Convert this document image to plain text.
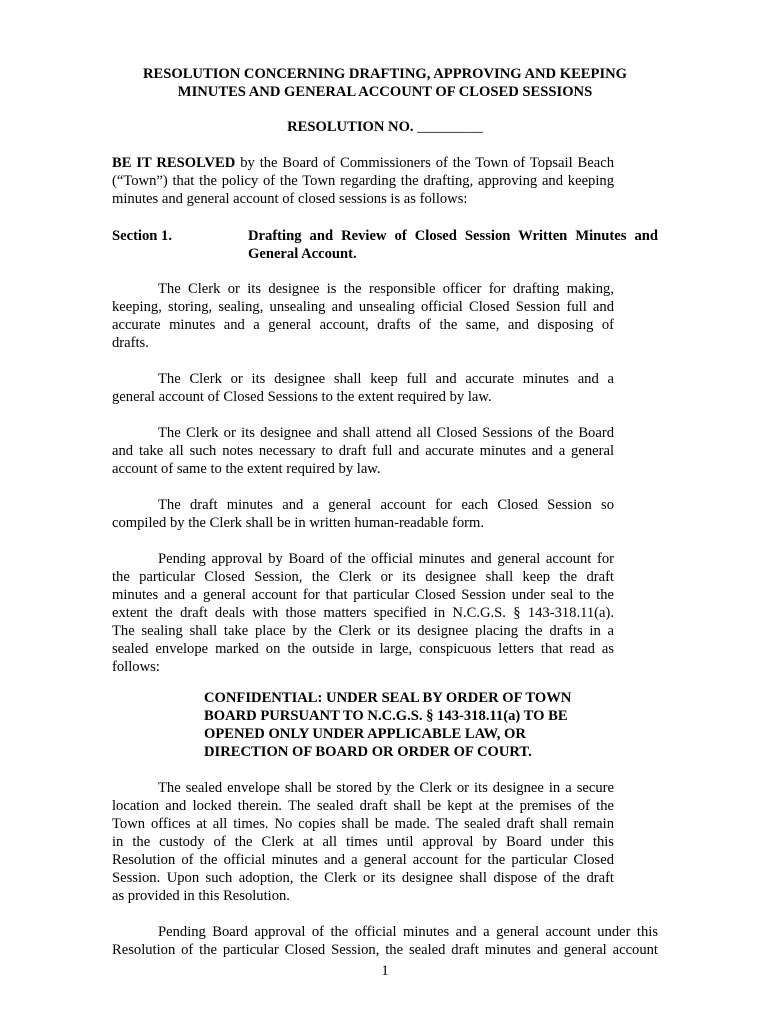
RESOLUTION CONCERNING DRAFTING, APPROVING AND KEEPING
MINUTES AND GENERAL ACCOUNT OF CLOSED SESSIONS
RESOLUTION NO. _________
BE IT RESOLVED by the Board of Commissioners of the Town of Topsail Beach
(“Town”) that the policy of the Town regarding the drafting, approving and keeping
minutes and general account of closed sessions is as follows:
Section 1.	Drafting and Review of Closed Session Written Minutes and
General Account.
The Clerk or its designee is the responsible officer for drafting making,
keeping, storing, sealing, unsealing and unsealing official Closed Session full and
accurate minutes and a general account, drafts of the same, and disposing of
drafts.
The Clerk or its designee shall keep full and accurate minutes and a
general account of Closed Sessions to the extent required by law.
The Clerk or its designee and shall attend all Closed Sessions of the Board
and take all such notes necessary to draft full and accurate minutes and a general
account of same to the extent required by law.
The draft minutes and a general account for each Closed Session so
compiled by the Clerk shall be in written human-readable form.
Pending approval by Board of the official minutes and general account for
the particular Closed Session, the Clerk or its designee shall keep the draft
minutes and a general account for that particular Closed Session under seal to the
extent the draft deals with those matters specified in N.C.G.S. § 143-318.11(a).
The sealing shall take place by the Clerk or its designee placing the drafts in a
sealed envelope marked on the outside in large, conspicuous letters that read as
follows:
CONFIDENTIAL: UNDER SEAL BY ORDER OF TOWN
BOARD PURSUANT TO N.C.G.S. § 143-318.11(a) TO BE
OPENED ONLY UNDER APPLICABLE LAW, OR
DIRECTION OF BOARD OR ORDER OF COURT.
The sealed envelope shall be stored by the Clerk or its designee in a secure
location and locked therein. The sealed draft shall be kept at the premises of the
Town offices at all times. No copies shall be made. The sealed draft shall remain
in the custody of the Clerk at all times until approval by Board under this
Resolution of the official minutes and a general account for the particular Closed
Session. Upon such adoption, the Clerk or its designee shall dispose of the draft
as provided in this Resolution.
Pending Board approval of the official minutes and a general account under this
Resolution of the particular Closed Session, the sealed draft minutes and general account
1
